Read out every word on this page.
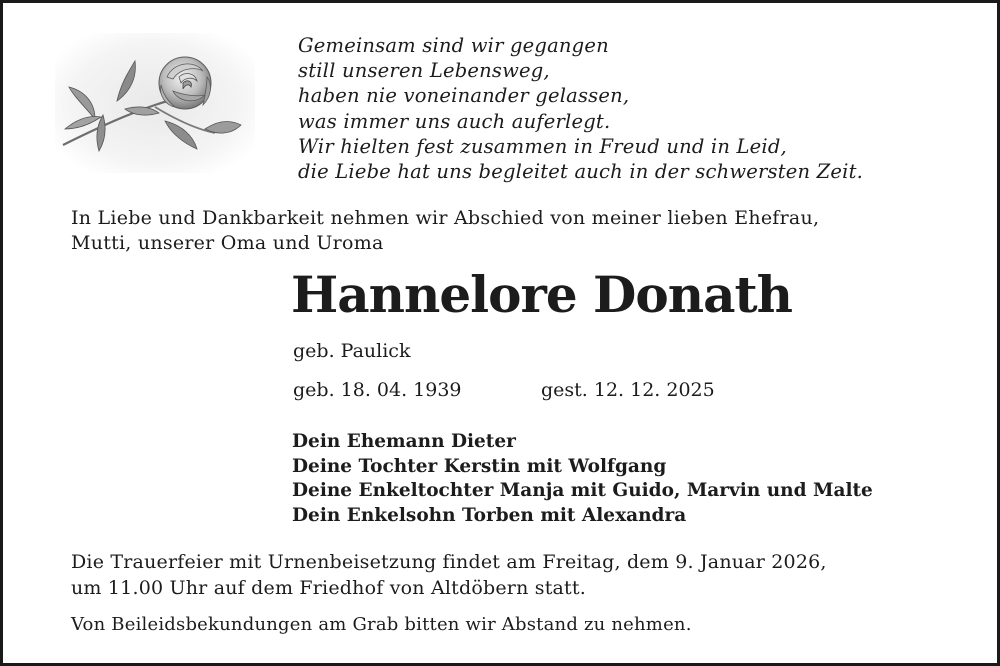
Gemeinsam sind wir gegangen
still unseren Lebensweg,
haben nie voneinander gelassen,
was immer uns auch auferlegt.
Wir hielten fest zusammen in Freud und in Leid,
die Liebe hat uns begleitet auch in der schwersten Zeit.
In Liebe und Dankbarkeit nehmen wir Abschied von meiner lieben Ehefrau,
Mutti, unserer Oma und Uroma
Hannelore Donath
geb. Paulick
geb. 18. 04. 1939	gest. 12. 12. 2025
Dein Ehemann Dieter
Deine Tochter Kerstin mit Wolfgang
Deine Enkeltochter Manja mit Guido, Marvin und Malte
Dein Enkelsohn Torben mit Alexandra
Die Trauerfeier mit Urnenbeisetzung findet am Freitag, dem 9. Januar 2026,
um 11.00 Uhr auf dem Friedhof von Altdöbern statt.
Von Beileidsbekundungen am Grab bitten wir Abstand zu nehmen.
